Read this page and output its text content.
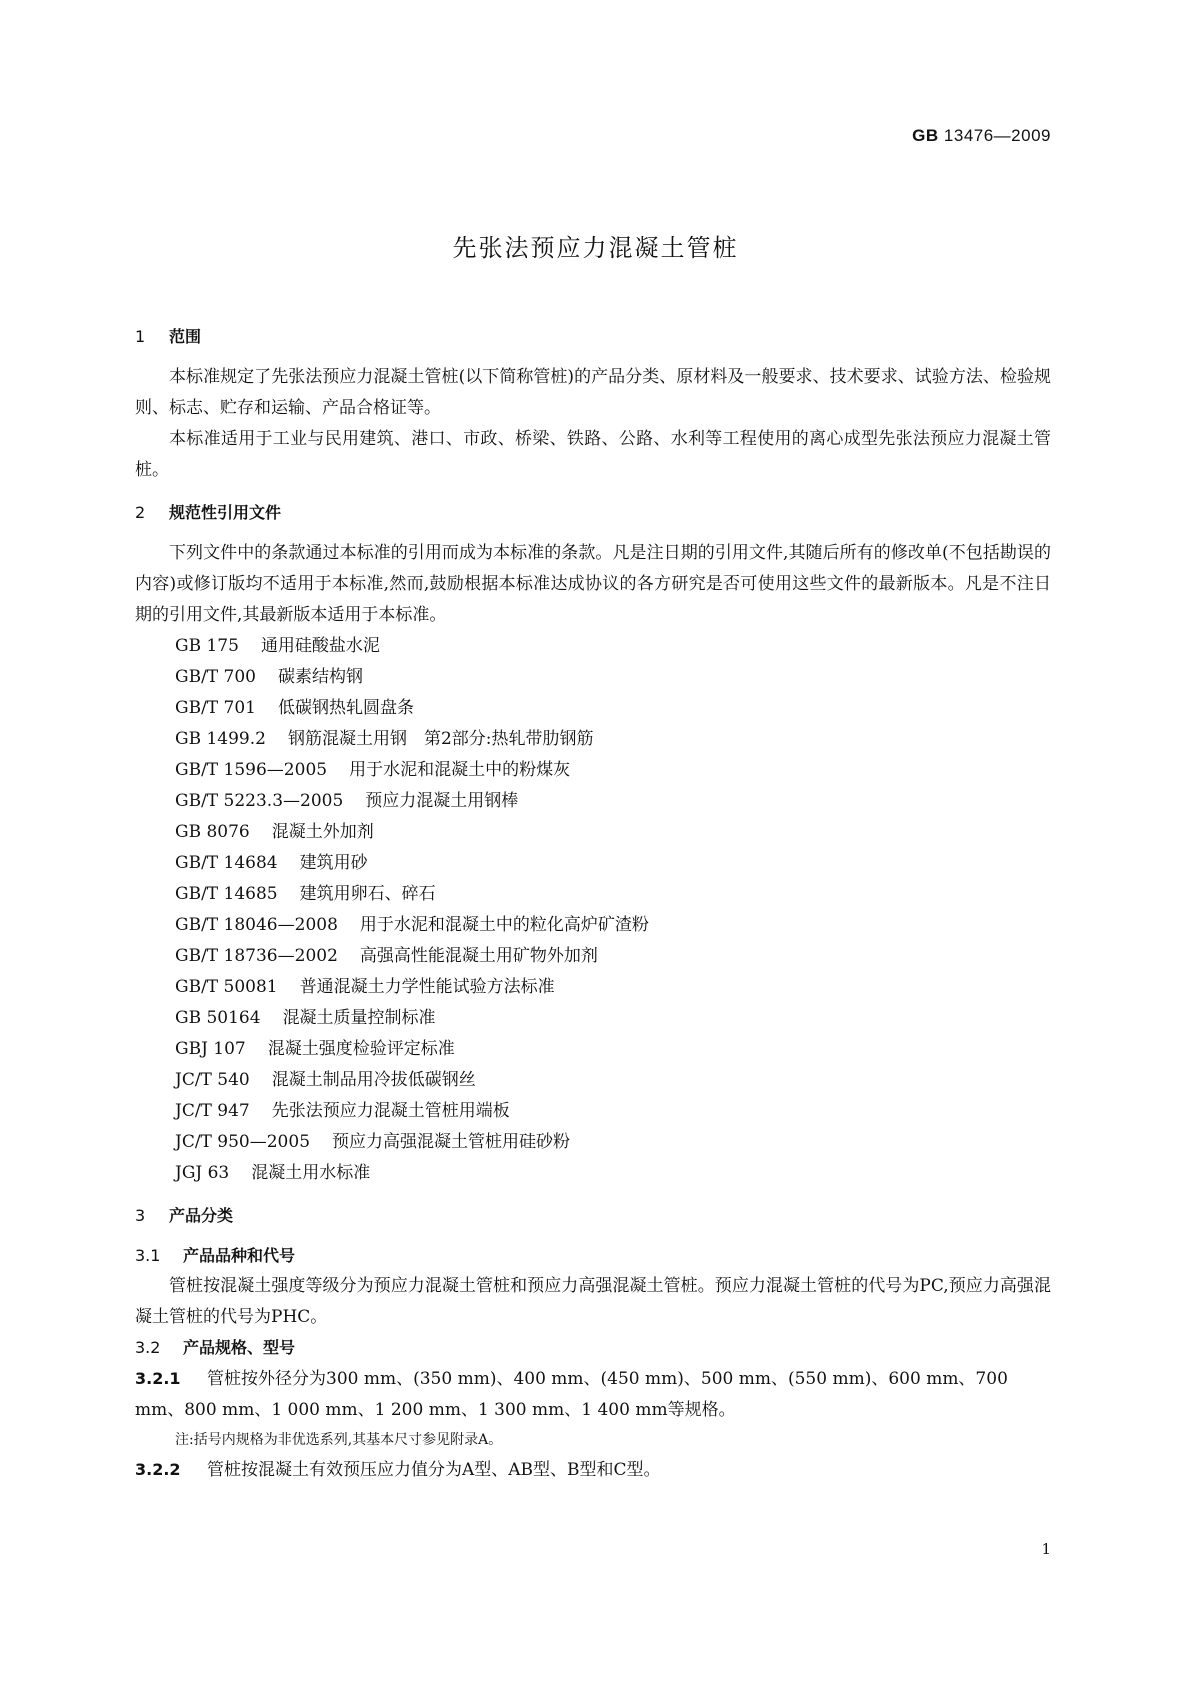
GB 13476—2009
先张法预应力混凝土管桩
1 范围

本标准规定了先张法预应力混凝土管桩(以下简称管桩)的产品分类、原材料及一般要求、技术要求、试验方法、检验规则、标志、贮存和运输、产品合格证等。

本标准适用于工业与民用建筑、港口、市政、桥梁、铁路、公路、水利等工程使用的离心成型先张法预应力混凝土管桩。

2 规范性引用文件

下列文件中的条款通过本标准的引用而成为本标准的条款。凡是注日期的引用文件,其随后所有的修改单(不包括勘误的内容)或修订版均不适用于本标准,然而,鼓励根据本标准达成协议的各方研究是否可使用这些文件的最新版本。凡是不注日期的引用文件,其最新版本适用于本标准。

GB 175 通用硅酸盐水泥
GB/T 700 碳素结构钢
GB/T 701 低碳钢热轧圆盘条
GB 1499.2 钢筋混凝土用钢　第2部分:热轧带肋钢筋
GB/T 1596—2005 用于水泥和混凝土中的粉煤灰
GB/T 5223.3—2005 预应力混凝土用钢棒
GB 8076 混凝土外加剂
GB/T 14684 建筑用砂
GB/T 14685 建筑用卵石、碎石
GB/T 18046—2008 用于水泥和混凝土中的粒化高炉矿渣粉
GB/T 18736—2002 高强高性能混凝土用矿物外加剂
GB/T 50081 普通混凝土力学性能试验方法标准
GB 50164 混凝土质量控制标准
GBJ 107 混凝土强度检验评定标准
JC/T 540 混凝土制品用冷拔低碳钢丝
JC/T 947 先张法预应力混凝土管桩用端板
JC/T 950—2005 预应力高强混凝土管桩用硅砂粉
JGJ 63 混凝土用水标准
3 产品分类
3.1 产品品种和代号

管桩按混凝土强度等级分为预应力混凝土管桩和预应力高强混凝土管桩。预应力混凝土管桩的代号为PC,预应力高强混凝土管桩的代号为PHC。

3.2 产品规格、型号

3.2.1 管桩按外径分为300 mm、(350 mm)、400 mm、(450 mm)、500 mm、(550 mm)、600 mm、700 mm、800 mm、1 000 mm、1 200 mm、1 300 mm、1 400 mm等规格。

注:括号内规格为非优选系列,其基本尺寸参见附录A。

3.2.2 管桩按混凝土有效预压应力值分为A型、AB型、B型和C型。

1
